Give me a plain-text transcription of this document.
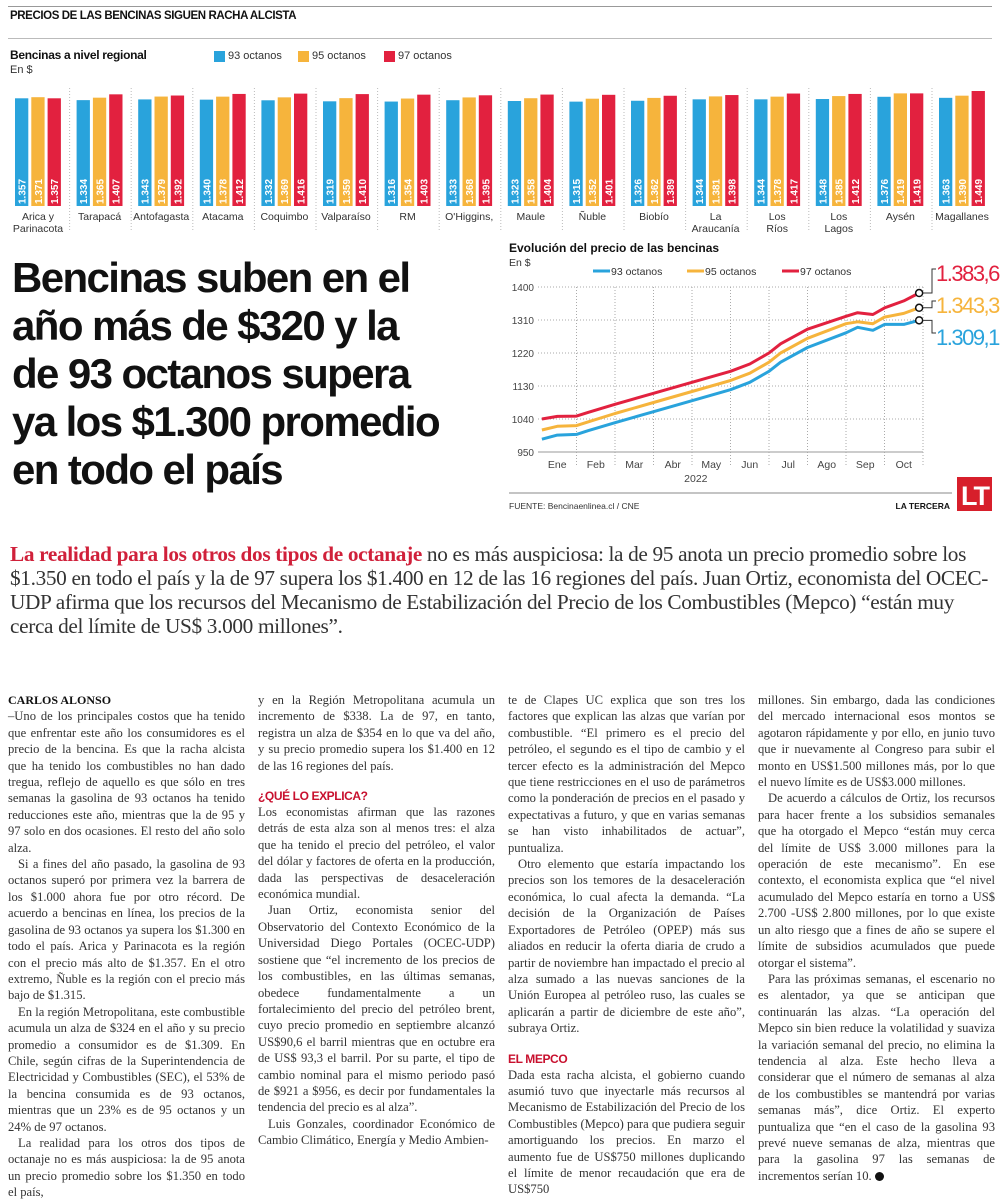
PRECIOS DE LAS BENCINAS SIGUEN RACHA ALCISTA
Bencinas a nivel regional
En $
93 octanos	95 octanos	97 octanos
1.357 1.371 1.357
Arica y
Parinacota
1.334 1.365 1.407
Tarapacá
1.343 1.379 1.392
Antofagasta
1.340 1.378 1.412
Atacama
1.332 1.369 1.416
Coquimbo
1.319 1.359 1.410
Valparaíso
1.316 1.354 1.403
RM
1.333 1.368 1.395
O'Higgins,
1.323 1.358 1.404
Maule
1.315 1.352 1.401
Ñuble
1.326 1.362 1.389
Biobío
1.344 1.381 1.398
La
Araucanía
1.344 1.378 1.417
Los
Ríos
1.348 1.385 1.412
Los
Lagos
1.376 1.419 1.419
Aysén
1.363 1.390 1.449
Magallanes
Bencinas suben en el
año más de $320 y la
de 93 octanos supera
ya los $1.300 promedio
en todo el país
Evolución del precio de las bencinas
En $
93 octanos	95 octanos	97 octanos
950
1040
1130
1220
1310
1400
Ene Feb Mar Abr May Jun Jul Ago Sep Oct
2022
1.309,1
1.343,3
1.383,6
FUENTE: Bencinaenlinea.cl / CNE	LA TERCERA LT
La realidad para los otros dos tipos de octanaje no es más auspiciosa: la de 95 anota un precio promedio sobre los $1.350 en todo el país y la de 97 supera los $1.400 en 12 de las 16 regiones del país. Juan Ortiz, economista del OCEC-UDP afirma que los recursos del Mecanismo de Estabilización del Precio de los Combustibles (Mepco) “están muy cerca del límite de US$ 3.000 millones”.

CARLOS ALONSO

–Uno de los principales costos que ha tenido que enfrentar este año los consumidores es el precio de la bencina. Es que la racha alcista que ha tenido los combustibles no han dado tregua, reflejo de aquello es que sólo en tres semanas la gasolina de 93 octanos ha tenido reducciones este año, mientras que la de 95 y 97 solo en dos ocasiones. El resto del año solo alza.

Si a fines del año pasado, la gasolina de 93 octanos superó por primera vez la barrera de los $1.000 ahora fue por otro récord. De acuerdo a bencinas en línea, los precios de la gasolina de 93 octanos ya supera los $1.300 en todo el país. Arica y Parinacota es la región con el precio más alto de $1.357. En el otro extremo, Ñuble es la región con el precio más bajo de $1.315.

En la región Metropolitana, este combustible acumula un alza de $324 en el año y su precio promedio a consumidor es de $1.309. En Chile, según cifras de la Superintendencia de Electricidad y Combustibles (SEC), el 53% de la bencina consumida es de 93 octanos, mientras que un 23% es de 95 octanos y un 24% de 97 octanos.

La realidad para los otros dos tipos de octanaje no es más auspiciosa: la de 95 anota un precio promedio sobre los $1.350 en todo el país,

y en la Región Metropolitana acumula un incremento de $338. La de 97, en tanto, registra un alza de $354 en lo que va del año, y su precio promedio supera los $1.400 en 12 de las 16 regiones del país.

¿QUÉ LO EXPLICA?

Los economistas afirman que las razones detrás de esta alza son al menos tres: el alza que ha tenido el precio del petróleo, el valor del dólar y factores de oferta en la producción, dada las perspectivas de desaceleración económica mundial.

Juan Ortiz, economista senior del Observatorio del Contexto Económico de la Universidad Diego Portales (OCEC-UDP) sostiene que “el incremento de los precios de los combustibles, en las últimas semanas, obedece fundamentalmente a un fortalecimiento del precio del petróleo brent, cuyo precio promedio en septiembre alcanzó US$90,6 el barril mientras que en octubre era de US$ 93,3 el barril. Por su parte, el tipo de cambio nominal para el mismo periodo pasó de $921 a $956, es decir por fundamentales la tendencia del precio es al alza”.

Luis Gonzales, coordinador Económico de Cambio Climático, Energía y Medio Ambien-

te de Clapes UC explica que son tres los factores que explican las alzas que varían por combustible. “El primero es el precio del petróleo, el segundo es el tipo de cambio y el tercer efecto es la administración del Mepco que tiene restricciones en el uso de parámetros como la ponderación de precios en el pasado y expectativas a futuro, y que en varias semanas se han visto inhabilitados de actuar”, puntualiza.

Otro elemento que estaría impactando los precios son los temores de la desaceleración económica, lo cual afecta la demanda. “La decisión de la Organización de Países Exportadores de Petróleo (OPEP) más sus aliados en reducir la oferta diaria de crudo a partir de noviembre han impactado el precio al alza sumado a las nuevas sanciones de la Unión Europea al petróleo ruso, las cuales se aplicarán a partir de diciembre de este año”, subraya Ortiz.

EL MEPCO

Dada esta racha alcista, el gobierno cuando asumió tuvo que inyectarle más recursos al Mecanismo de Estabilización del Precio de los Combustibles (Mepco) para que pudiera seguir amortiguando los precios. En marzo el aumento fue de US$750 millones duplicando el límite de menor recaudación que era de US$750

millones. Sin embargo, dada las condiciones del mercado internacional esos montos se agotaron rápidamente y por ello, en junio tuvo que ir nuevamente al Congreso para subir el monto en US$1.500 millones más, por lo que el nuevo límite es de US$3.000 millones.

De acuerdo a cálculos de Ortiz, los recursos para hacer frente a los subsidios semanales que ha otorgado el Mepco “están muy cerca del límite de US$ 3.000 millones para la operación de este mecanismo”. En ese contexto, el economista explica que “el nivel acumulado del Mepco estaría en torno a US$ 2.700 -US$ 2.800 millones, por lo que existe un alto riesgo que a fines de año se supere el límite de subsidios acumulados que puede otorgar el sistema”.

Para las próximas semanas, el escenario no es alentador, ya que se anticipan que continuarán las alzas. “La operación del Mepco sin bien reduce la volatilidad y suaviza la variación semanal del precio, no elimina la tendencia al alza. Este hecho lleva a considerar que el número de semanas al alza de los combustibles se mantendrá por varias semanas más”, dice Ortiz. El experto puntualiza que “en el caso de la gasolina 93 prevé nueve semanas de alza, mientras que para la gasolina 97 las semanas de incrementos serían 10.
